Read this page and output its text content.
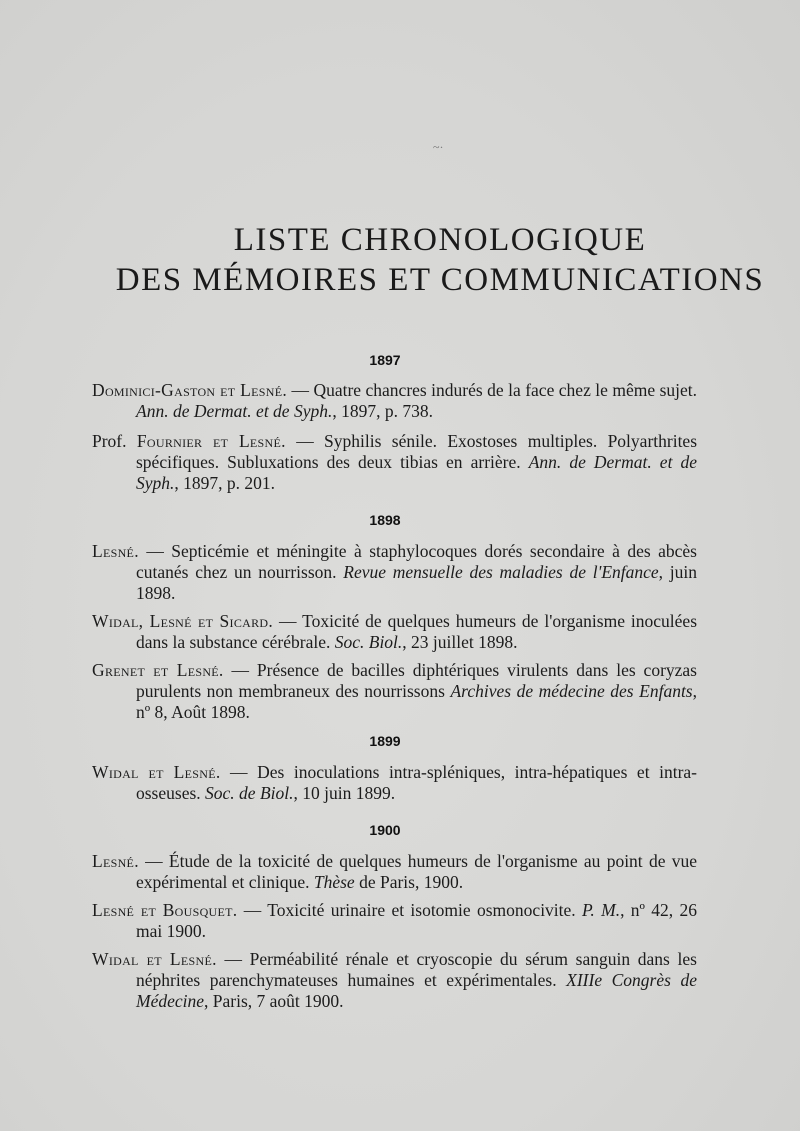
~·
LISTE CHRONOLOGIQUE
DES MÉMOIRES ET COMMUNICATIONS
1897
Dominici-Gaston et Lesné. — Quatre chancres indurés de la face chez le même sujet. Ann. de Dermat. et de Syph., 1897, p. 738.
Prof. Fournier et Lesné. — Syphilis sénile. Exostoses multiples. Polyarthrites spécifiques. Subluxations des deux tibias en arrière. Ann. de Dermat. et de Syph., 1897, p. 201.
1898
Lesné. — Septicémie et méningite à staphylocoques dorés secondaire à des abcès cutanés chez un nourrisson. Revue mensuelle des maladies de l'Enfance, juin 1898.
Widal, Lesné et Sicard. — Toxicité de quelques humeurs de l'organisme inoculées dans la substance cérébrale. Soc. Biol., 23 juillet 1898.
Grenet et Lesné. — Présence de bacilles diphtériques virulents dans les coryzas purulents non membraneux des nourrissons Archives de médecine des Enfants, nº 8, Août 1898.
1899
Widal et Lesné. — Des inoculations intra-spléniques, intra-hépatiques et intra-osseuses. Soc. de Biol., 10 juin 1899.
1900
Lesné. — Étude de la toxicité de quelques humeurs de l'organisme au point de vue expérimental et clinique. Thèse de Paris, 1900.
Lesné et Bousquet. — Toxicité urinaire et isotomie osmonocivite. P. M., nº 42, 26 mai 1900.
Widal et Lesné. — Perméabilité rénale et cryoscopie du sérum sanguin dans les néphrites parenchymateuses humaines et expérimentales. XIIIe Congrès de Médecine, Paris, 7 août 1900.
